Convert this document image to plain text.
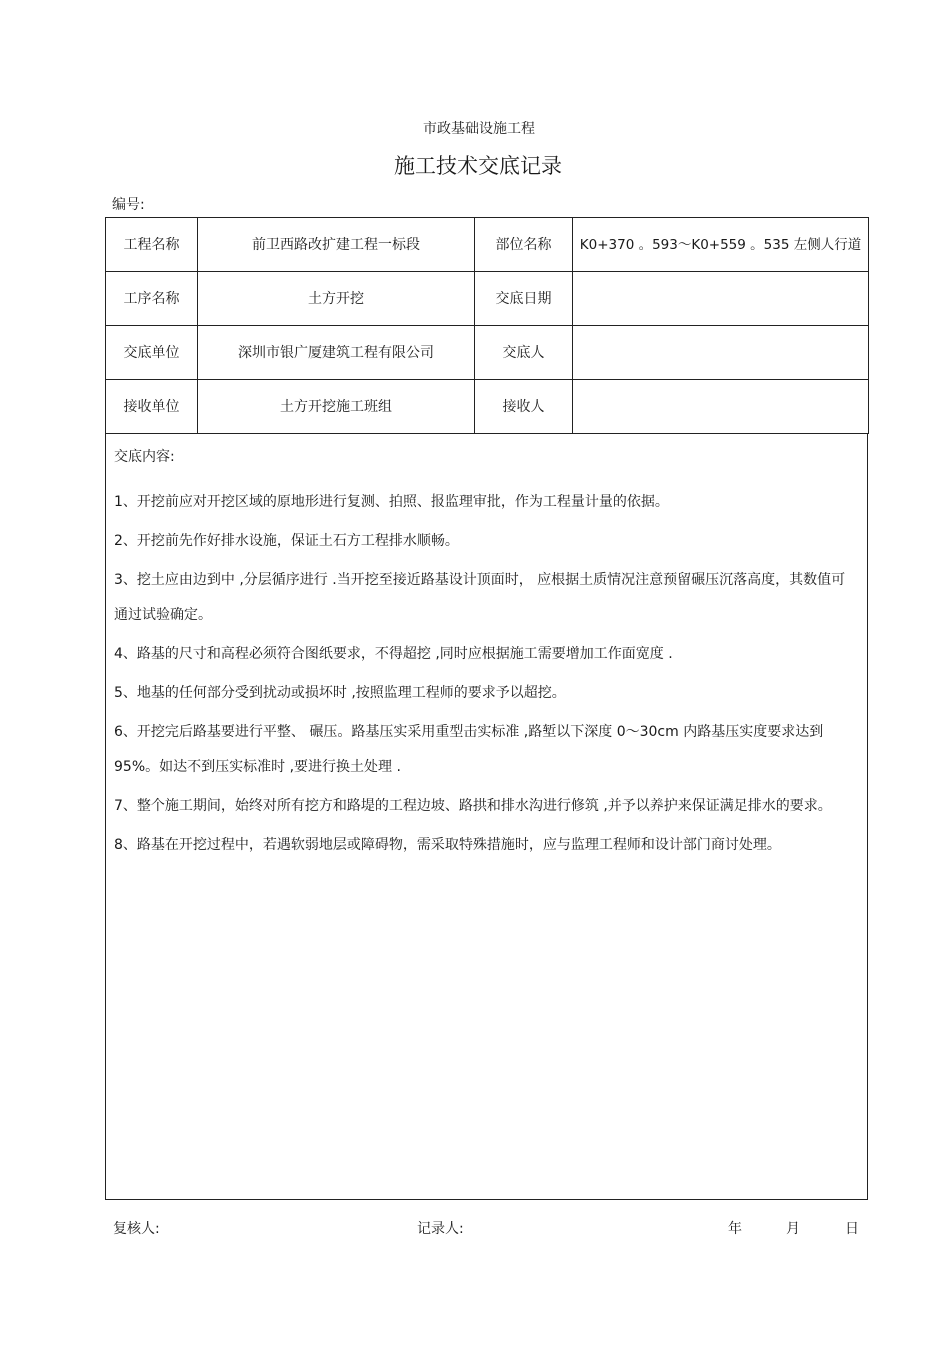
市政基础设施工程
施工技术交底记录
编号:
工程名称	前卫西路改扩建工程一标段	部位名称	K0+370 。593～K0+559 。535 左侧人行道
工序名称	土方开挖	交底日期	
交底单位	深圳市银广厦建筑工程有限公司	交底人	
接收单位	土方开挖施工班组	接收人	
交底内容:
1、开挖前应对开挖区域的原地形进行复测、拍照、报监理审批，作为工程量计量的依据。
2、开挖前先作好排水设施，保证土石方工程排水顺畅。
3、挖土应由边到中 ,分层循序进行 .当开挖至接近路基设计顶面时， 应根据土质情况注意预留碾压沉落高度，其数值可通过试验确定。
4、路基的尺寸和高程必须符合图纸要求，不得超挖 ,同时应根据施工需要增加工作面宽度 .
5、地基的任何部分受到扰动或损坏时 ,按照监理工程师的要求予以超挖。
6、开挖完后路基要进行平整、 碾压。路基压实采用重型击实标准 ,路堑以下深度 0～30cm 内路基压实度要求达到 95%。如达不到压实标准时 ,要进行换土处理 .
7、整个施工期间，始终对所有挖方和路堤的工程边坡、路拱和排水沟进行修筑 ,并予以养护来保证满足排水的要求。
8、路基在开挖过程中，若遇软弱地层或障碍物，需采取特殊措施时，应与监理工程师和设计部门商讨处理。
复核人:	记录人:	年	月	日
